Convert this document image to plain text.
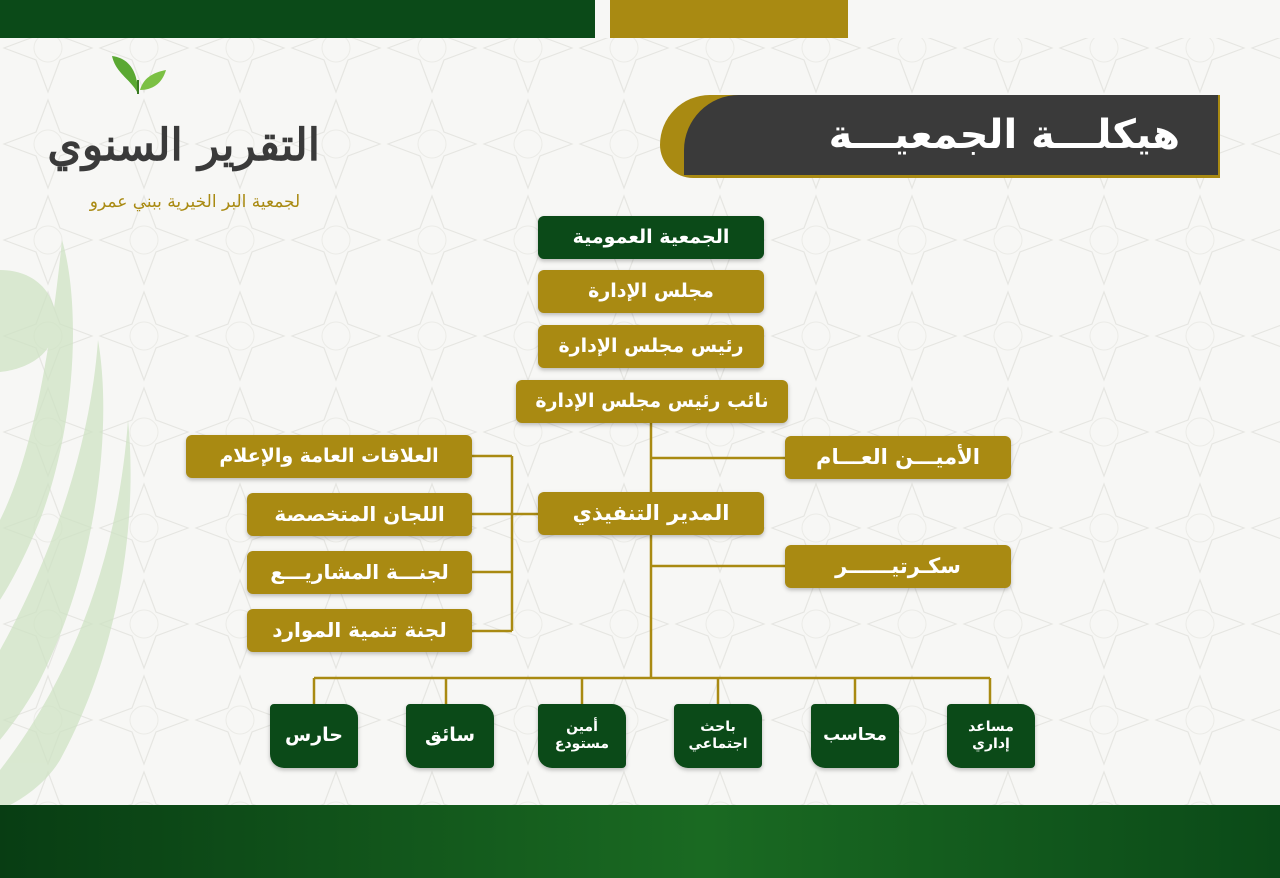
هيكلـــة الجمعيـــة
التقرير السنوي
لجمعية البر الخيرية ببني عمرو
الجمعية العمومية
مجلس الإدارة
رئيس مجلس الإدارة
نائب رئيس مجلس الإدارة
المدير التنفيذي
الأميـــن العـــام
سكـرتيــــــر
العلاقات العامة والإعلام
اللجان المتخصصة
لجنـــة المشاريـــع
لجنة تنمية الموارد
حارس	سائق	أمين
مستودع
باحث
اجتماعي	محاسب	مساعد
إداري
